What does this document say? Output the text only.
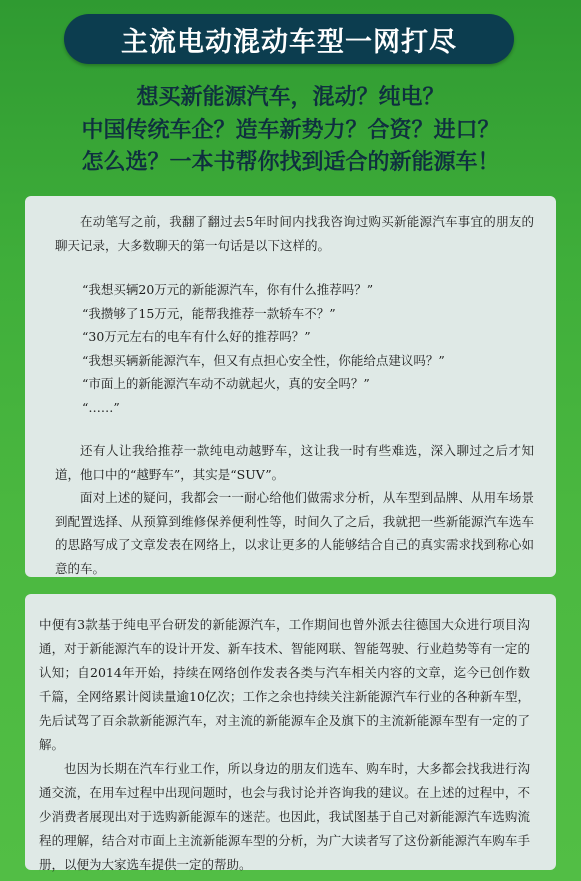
主流电动混动车型一网打尽
想买新能源汽车，混动？纯电？
中国传统车企？造车新势力？合资？进口？
怎么选？一本书帮你找到适合的新能源车！

在动笔写之前，我翻了翻过去5年时间内找我咨询过购买新能源汽车事宜的朋友的聊天记录，大多数聊天的第一句话是以下这样的。

“我想买辆20万元的新能源汽车，你有什么推荐吗？”
“我攒够了15万元，能帮我推荐一款轿车不？”
“30万元左右的电车有什么好的推荐吗？”
“我想买辆新能源汽车，但又有点担心安全性，你能给点建议吗？”
“市面上的新能源汽车动不动就起火，真的安全吗？”
“……”

还有人让我给推荐一款纯电动越野车，这让我一时有些难选，深入聊过之后才知道，他口中的“越野车”，其实是“SUV”。

面对上述的疑问，我都会一一耐心给他们做需求分析，从车型到品牌、从用车场景到配置选择、从预算到维修保养便利性等，时间久了之后，我就把一些新能源汽车选车的思路写成了文章发表在网络上，以求让更多的人能够结合自己的真实需求找到称心如意的车。

中便有3款基于纯电平台研发的新能源汽车，工作期间也曾外派去往德国大众进行项目沟通，对于新能源汽车的设计开发、新车技术、智能网联、智能驾驶、行业趋势等有一定的认知；自2014年开始，持续在网络创作发表各类与汽车相关内容的文章，迄今已创作数千篇，全网络累计阅读量逾10亿次；工作之余也持续关注新能源汽车行业的各种新车型，先后试驾了百余款新能源汽车，对主流的新能源车企及旗下的主流新能源车型有一定的了解。

也因为长期在汽车行业工作，所以身边的朋友们选车、购车时，大多都会找我进行沟通交流，在用车过程中出现问题时，也会与我讨论并咨询我的建议。在上述的过程中，不少消费者展现出对于选购新能源车的迷茫。也因此，我试图基于自己对新能源汽车选购流程的理解，结合对市面上主流新能源车型的分析，为广大读者写了这份新能源汽车购车手册，以便为大家选车提供一定的帮助。
